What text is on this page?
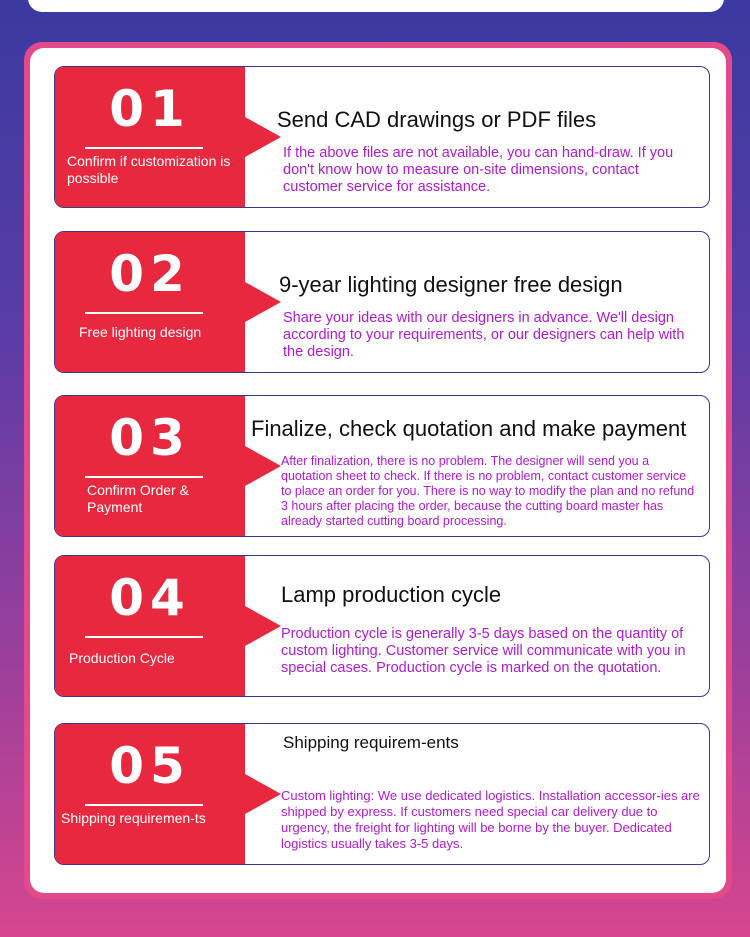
01
Confirm if customization is possible
Send CAD drawings or PDF files
If the above files are not available, you can hand-draw. If you don't know how to measure on-site dimensions, contact customer service for assistance.
02
Free lighting design
9-year lighting designer free design
Share your ideas with our designers in advance. We'll design according to your requirements, or our designers can help with the design.
03
Confirm Order & Payment
Finalize, check quotation and make payment
After finalization, there is no problem. The designer will send you a quotation sheet to check. If there is no problem, contact customer service to place an order for you. There is no way to modify the plan and no refund 3 hours after placing the order, because the cutting board master has already started cutting board processing.
04
Production Cycle
Lamp production cycle
Production cycle is generally 3-5 days based on the quantity of custom lighting. Customer service will communicate with you in special cases. Production cycle is marked on the quotation.
05
Shipping requiremen-ts
Shipping requirem-ents
Custom lighting: We use dedicated logistics. Installation accessor-ies are shipped by express. If customers need special car delivery due to urgency, the freight for lighting will be borne by the buyer. Dedicated logistics usually takes 3-5 days.
